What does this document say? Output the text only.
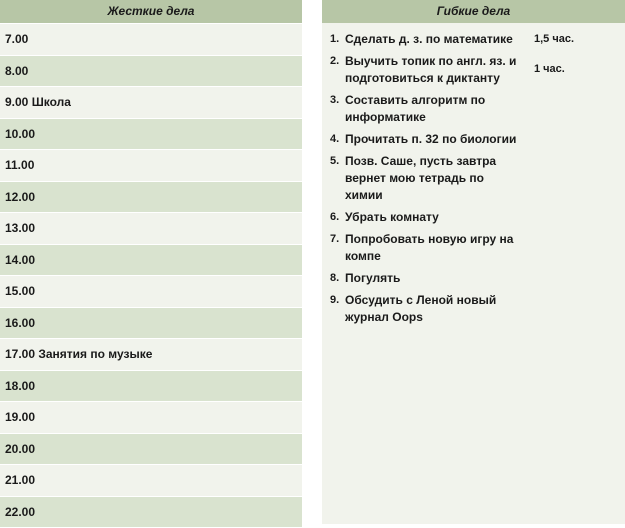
Жесткие дела
7.00
8.00
9.00 Школа
10.00
11.00
12.00
13.00
14.00
15.00
16.00
17.00 Занятия по музыке
18.00
19.00
20.00
21.00
22.00
Гибкие дела
1. Сделать д. з. по математике	1,5 час.
2. Выучить топик по англ. яз. и подготовиться к диктанту
1 час.
3. Составить алгоритм по информатике
4. Прочитать п. 32 по биологии
5. Позв. Саше, пусть завтра вернет мою тетрадь по химии
6. Убрать комнату
7. Попробовать новую игру на компе
8. Погулять
9. Обсудить с Леной новый журнал Oops
